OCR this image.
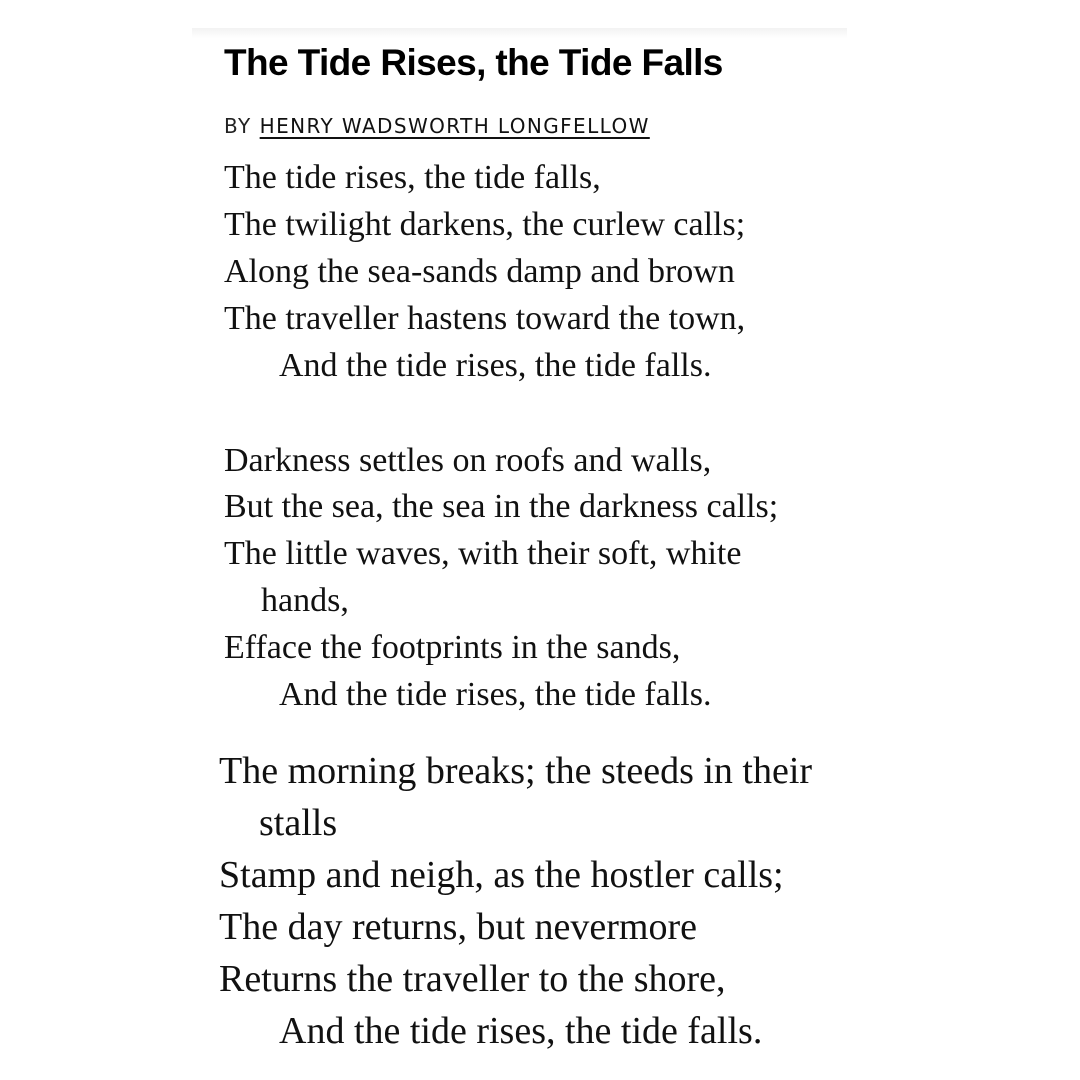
The Tide Rises, the Tide Falls
BY HENRY WADSWORTH LONGFELLOW

The tide rises, the tide falls,

The twilight darkens, the curlew calls;

Along the sea-sands damp and brown

The traveller hastens toward the town,

And the tide rises, the tide falls.

Darkness settles on roofs and walls,

But the sea, the sea in the darkness calls;

The little waves, with their soft, white

hands,

Efface the footprints in the sands,

And the tide rises, the tide falls.

The morning breaks; the steeds in their

stalls

Stamp and neigh, as the hostler calls;

The day returns, but nevermore

Returns the traveller to the shore,

And the tide rises, the tide falls.
